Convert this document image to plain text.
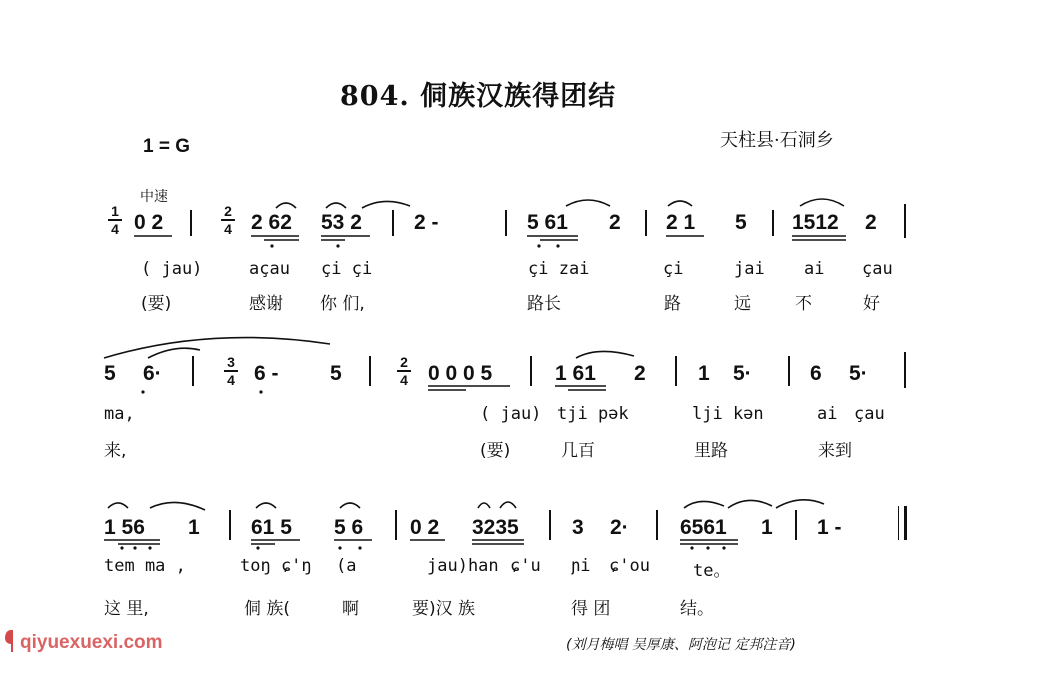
804. 侗族汉族得团结
1 = G	天柱县·石洞乡
中速
1
4 0 2	2
4 2 62 53 2 2 -	5 61 2 2 1 5 1512 2
( jau)	açau çi çi	çi zai	çi	jai ai çau
(要)	感谢 你 们,	路长	路	远	不	好
5 6·	3
4 6 - 5	2
4 0 0 0 5	1 61 2 1 5·	6 5·
ma,	( jau) tji pək	lji kən	ai çau
来,	(要)	几百	里路	来到
1 56 1 61 5 5 6 0 2 3235	3 2· 6561 1 1 -
tem ma ,	toŋ ɕ'ŋ (a	jau)han ɕ'u ɲi ɕ'ou	te。
这 里,	侗 族(	啊	要)汉 族	得 团	结。
(刘月梅唱 吴厚康、阿泡记 定邦注音)
qiyuexuexi.com
